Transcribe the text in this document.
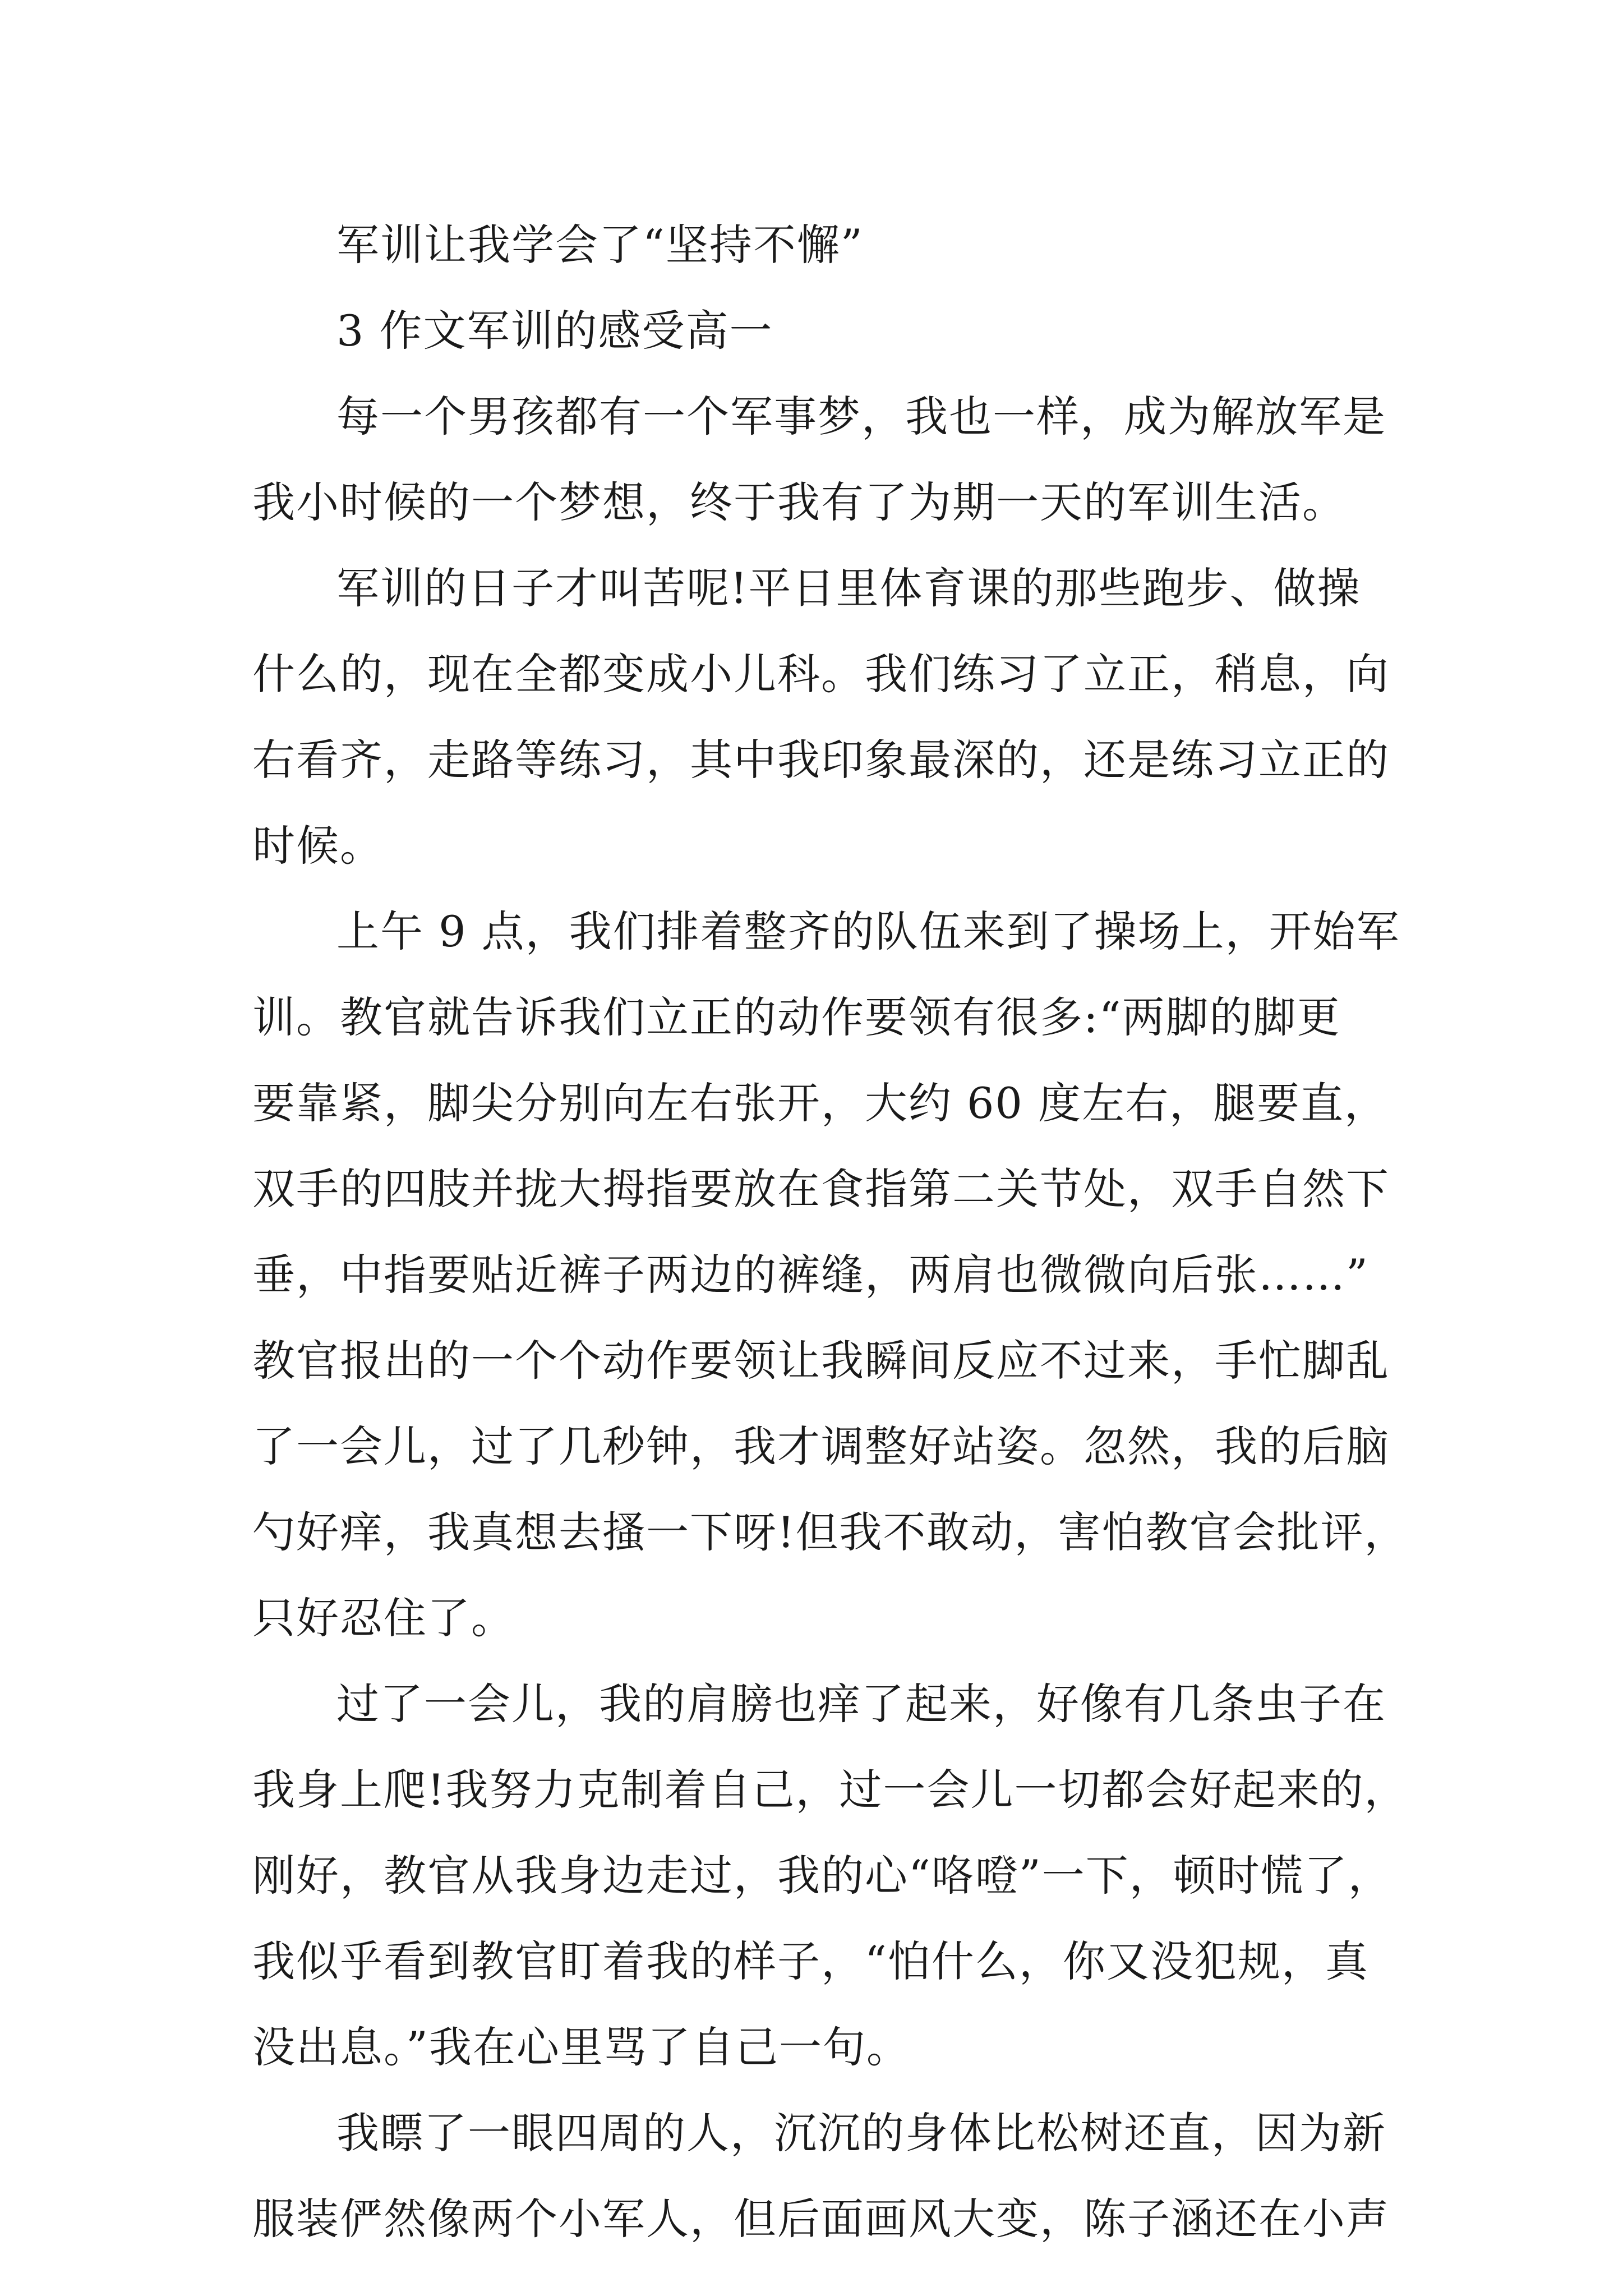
军训让我学会了“坚持不懈”
3 作文军训的感受高一
每一个男孩都有一个军事梦，我也一样，成为解放军是
我小时候的一个梦想，终于我有了为期一天的军训生活。
军训的日子才叫苦呢!平日里体育课的那些跑步、做操
什么的，现在全都变成小儿科。我们练习了立正，稍息，向
右看齐，走路等练习，其中我印象最深的，还是练习立正的
时候。
上午 9 点，我们排着整齐的队伍来到了操场上，开始军
训。教官就告诉我们立正的动作要领有很多:“两脚的脚更
要靠紧，脚尖分别向左右张开，大约 60 度左右，腿要直，
双手的四肢并拢大拇指要放在食指第二关节处，双手自然下
垂，中指要贴近裤子两边的裤缝，两肩也微微向后张……”
教官报出的一个个动作要领让我瞬间反应不过来，手忙脚乱
了一会儿，过了几秒钟，我才调整好站姿。忽然，我的后脑
勺好痒，我真想去搔一下呀!但我不敢动，害怕教官会批评，
只好忍住了。
过了一会儿，我的肩膀也痒了起来，好像有几条虫子在
我身上爬!我努力克制着自己，过一会儿一切都会好起来的，
刚好，教官从我身边走过，我的心“咯噔”一下，顿时慌了，
我似乎看到教官盯着我的样子，“怕什么，你又没犯规，真
没出息。”我在心里骂了自己一句。
我瞟了一眼四周的人，沉沉的身体比松树还直，因为新
服装俨然像两个小军人，但后面画风大变，陈子涵还在小声
